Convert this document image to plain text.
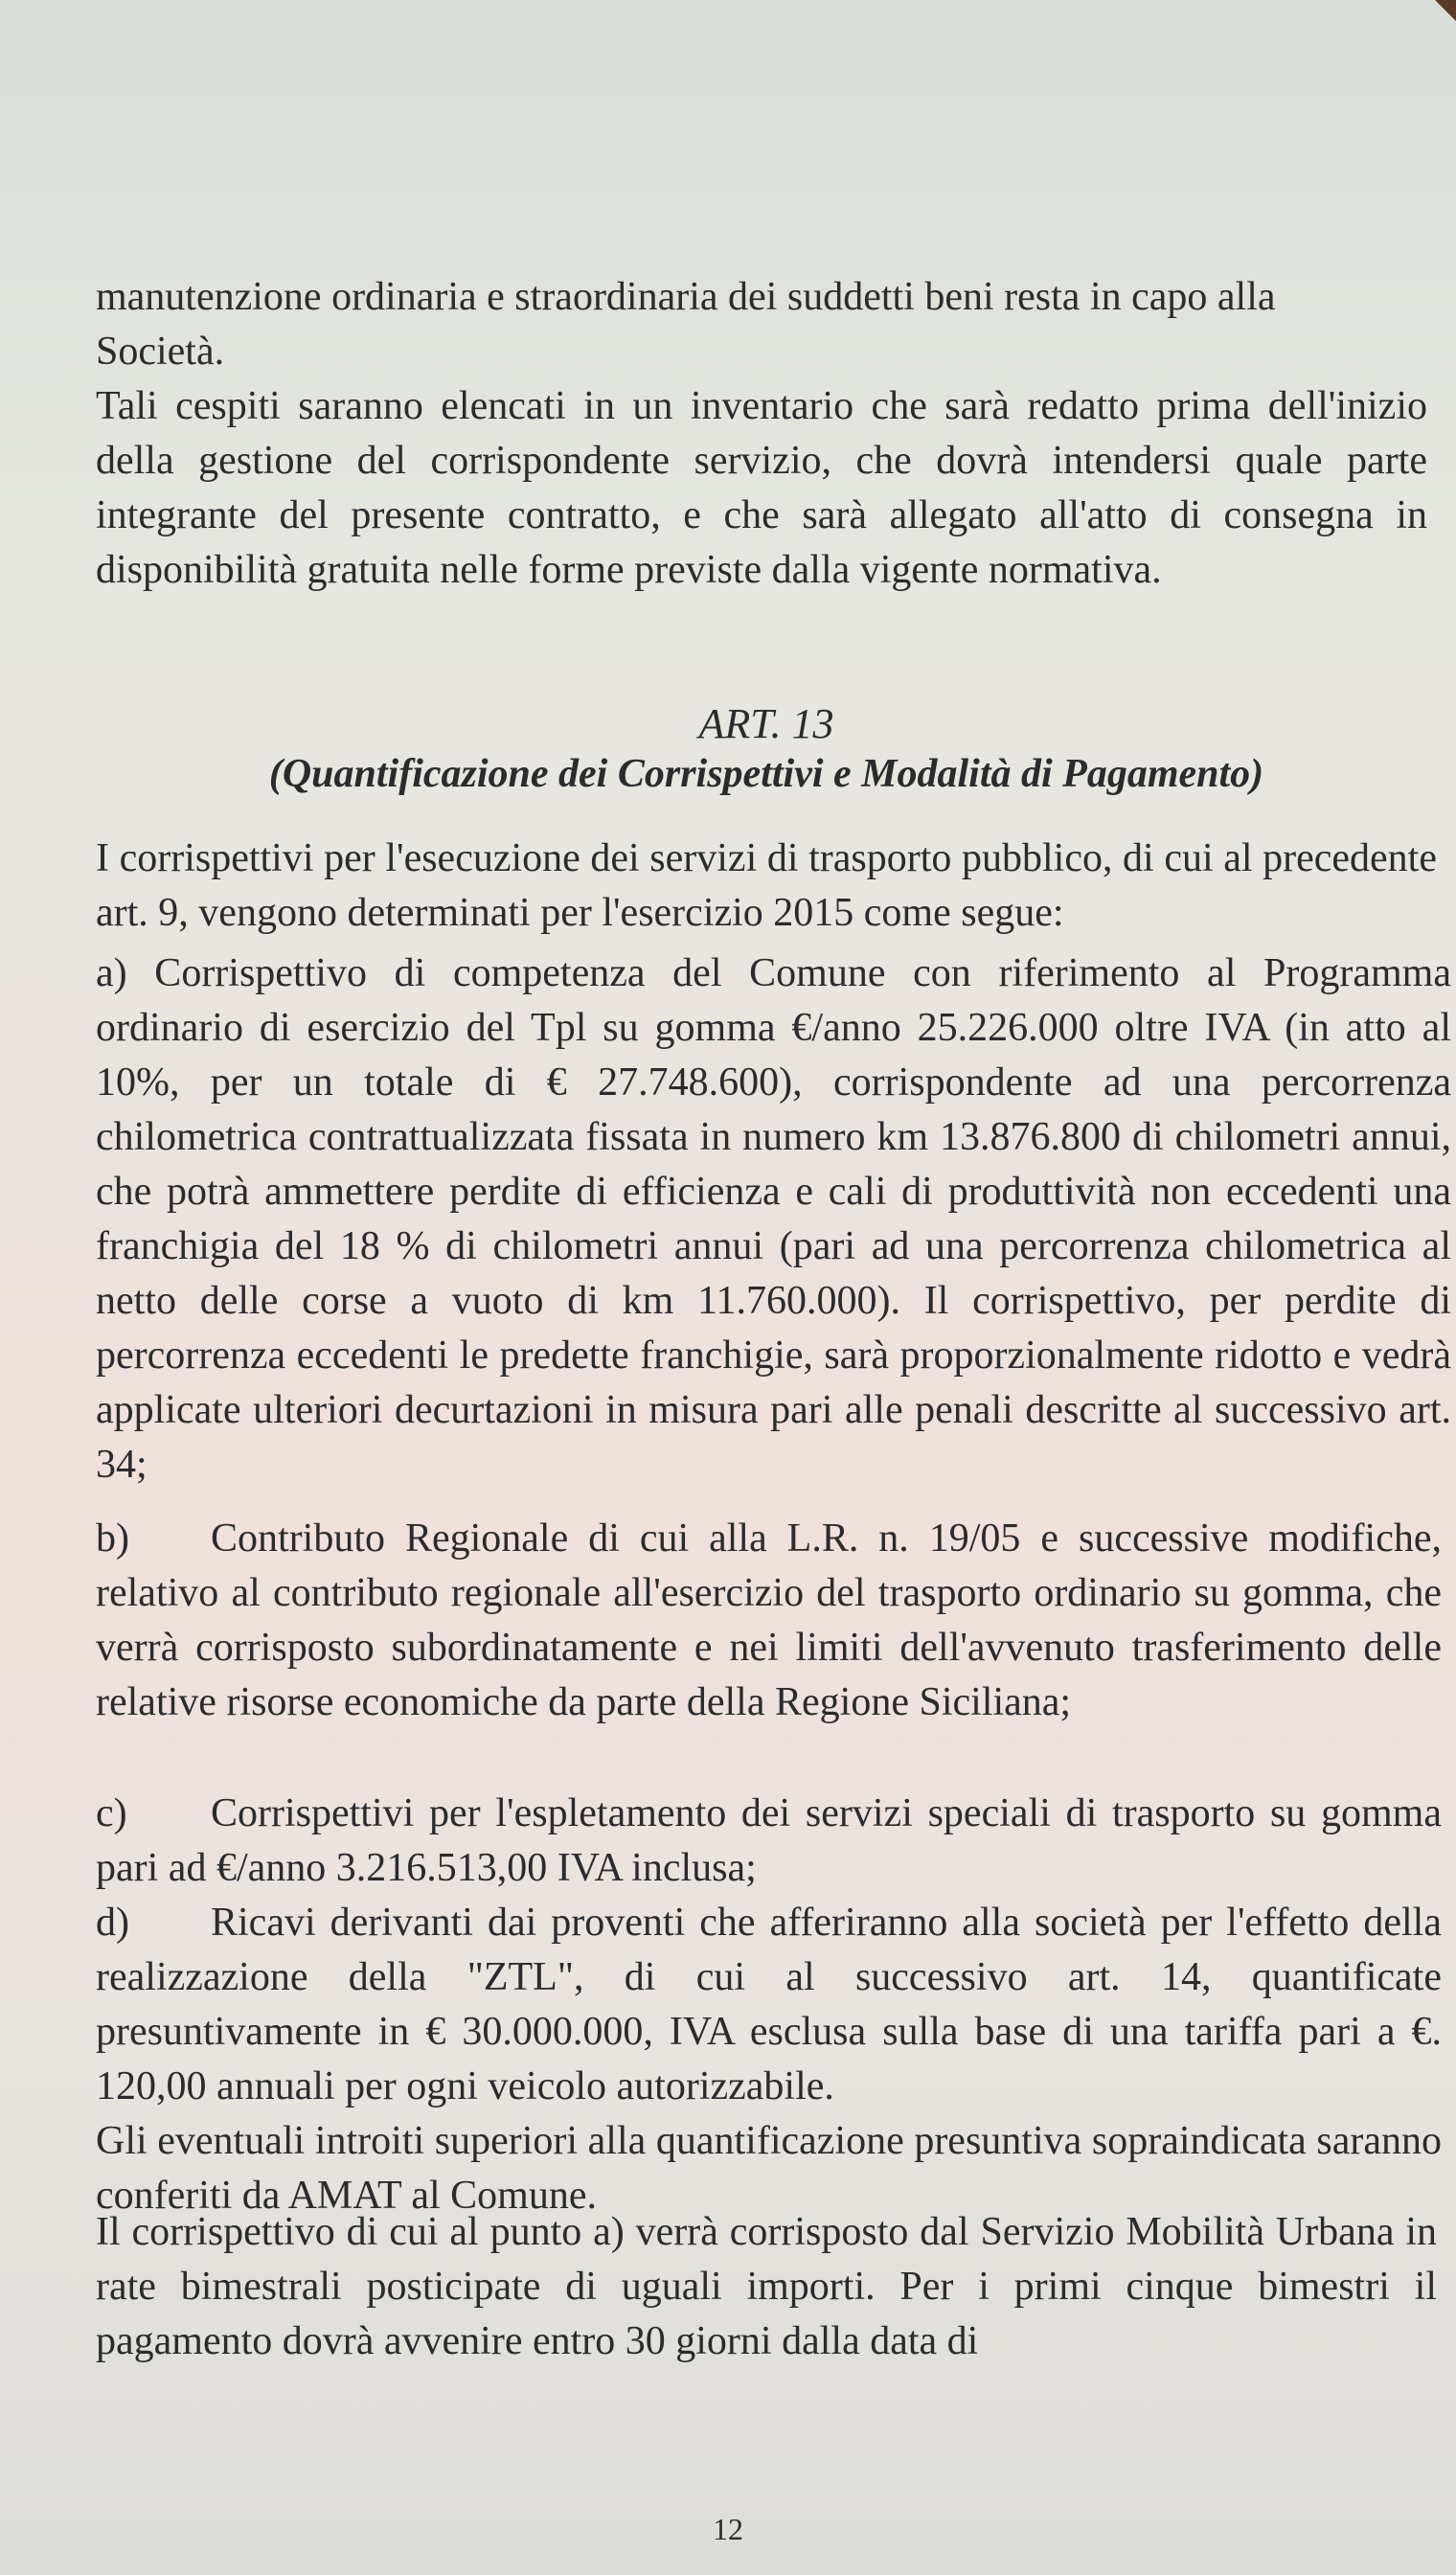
manutenzione ordinaria e straordinaria dei suddetti beni resta in capo alla

Società.

Tali cespiti saranno elencati in un inventario che sarà redatto prima dell'inizio della gestione del corrispondente servizio, che dovrà intendersi quale parte integrante del presente contratto, e che sarà allegato all'atto di consegna in disponibilità gratuita nelle forme previste dalla vigente normativa.

ART. 13
(Quantificazione dei Corrispettivi e Modalità di Pagamento)

I corrispettivi per l'esecuzione dei servizi di trasporto pubblico, di cui al precedente art. 9, vengono determinati per l'esercizio 2015 come segue:

a) Corrispettivo di competenza del Comune con riferimento al Programma ordinario di esercizio del Tpl su gomma €/anno 25.226.000 oltre IVA (in atto al 10%, per un totale di € 27.748.600), corrispondente ad una percorrenza chilometrica contrattualizzata fissata in numero km 13.876.800 di chilometri annui, che potrà ammettere perdite di efficienza e cali di produttività non eccedenti una franchigia del 18 % di chilometri annui (pari ad una percorrenza chilometrica al netto delle corse a vuoto di km 11.760.000). Il corrispettivo, per perdite di percorrenza eccedenti le predette franchigie, sarà proporzionalmente ridotto e vedrà applicate ulteriori decurtazioni in misura pari alle penali descritte al successivo art. 34;

b) Contributo Regionale di cui alla L.R. n. 19/05 e successive modifiche, relativo al contributo regionale all'esercizio del trasporto ordinario su gomma, che verrà corrisposto subordinatamente e nei limiti dell'avvenuto trasferimento delle relative risorse economiche da parte della Regione Siciliana;

c) Corrispettivi per l'espletamento dei servizi speciali di trasporto su gomma pari ad €/anno 3.216.513,00 IVA inclusa;

d) Ricavi derivanti dai proventi che afferiranno alla società per l'effetto della realizzazione della "ZTL", di cui al successivo art. 14, quantificate presuntivamente in € 30.000.000, IVA esclusa sulla base di una tariffa pari a €. 120,00 annuali per ogni veicolo autorizzabile.

Gli eventuali introiti superiori alla quantificazione presuntiva sopraindicata saranno conferiti da AMAT al Comune.

Il corrispettivo di cui al punto a) verrà corrisposto dal Servizio Mobilità Urbana in rate bimestrali posticipate di uguali importi. Per i primi cinque bimestri il pagamento dovrà avvenire entro 30 giorni dalla data di

12
